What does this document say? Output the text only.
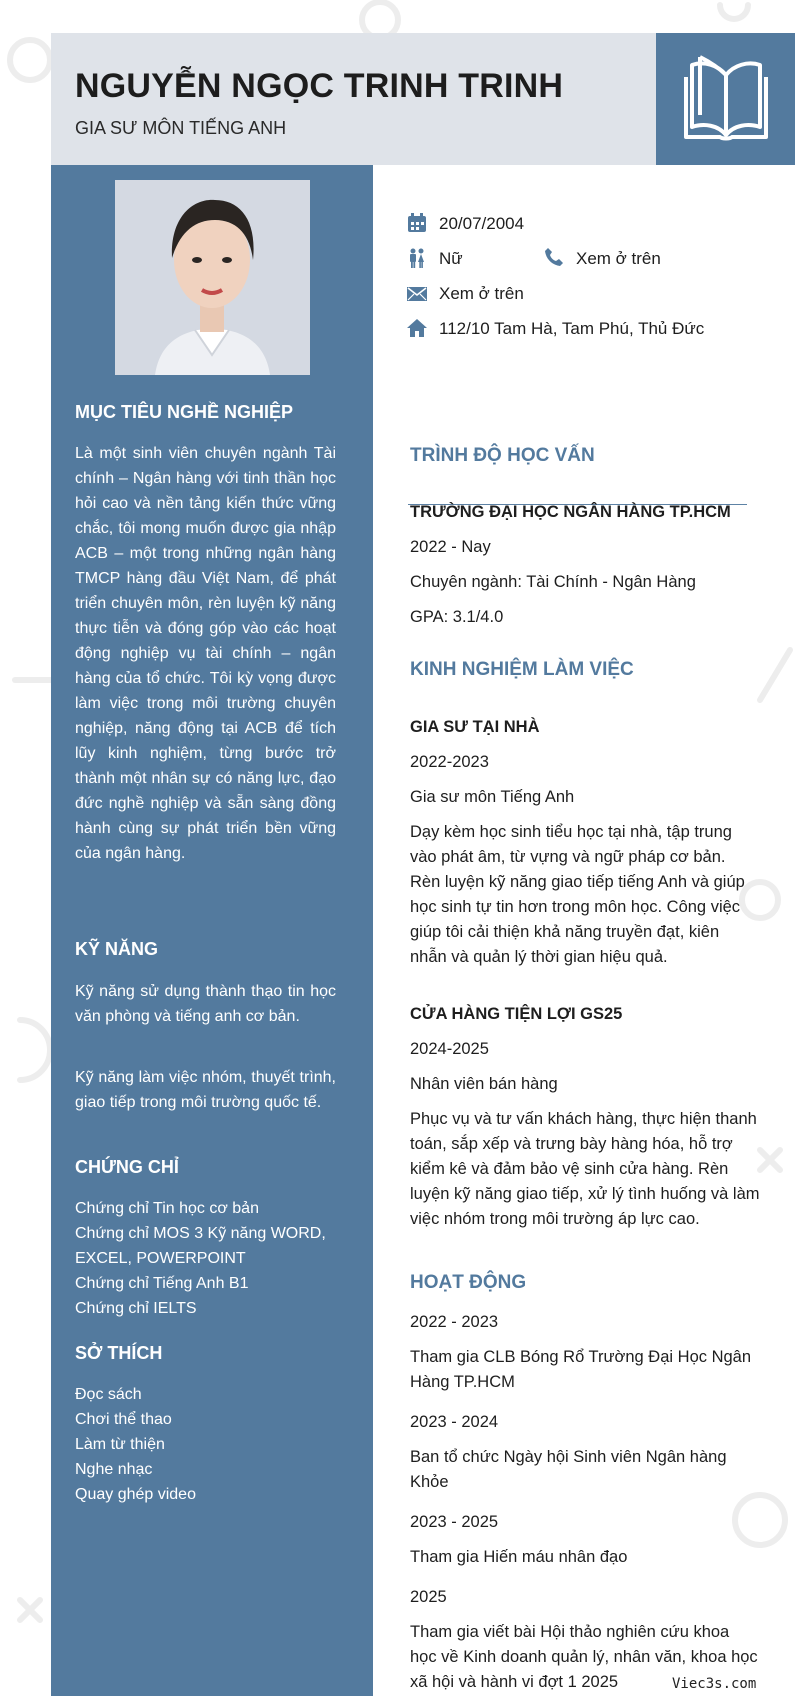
NGUYỄN NGỌC TRINH TRINH
GIA SƯ MÔN TIẾNG ANH
MỤC TIÊU NGHỀ NGHIỆP
Là một sinh viên chuyên ngành Tài chính – Ngân hàng với tinh thần học hỏi cao và nền tảng kiến thức vững chắc, tôi mong muốn được gia nhập ACB – một trong những ngân hàng TMCP hàng đầu Việt Nam, để phát triển chuyên môn, rèn luyện kỹ năng thực tiễn và đóng góp vào các hoạt động nghiệp vụ tài chính – ngân hàng của tổ chức. Tôi kỳ vọng được làm việc trong môi trường chuyên nghiệp, năng động tại ACB để tích lũy kinh nghiệm, từng bước trở thành một nhân sự có năng lực, đạo đức nghề nghiệp và sẵn sàng đồng hành cùng sự phát triển bền vững của ngân hàng.
KỸ NĂNG
Kỹ năng sử dụng thành thạo tin học văn phòng và tiếng anh cơ bản.
Kỹ năng làm việc nhóm, thuyết trình, giao tiếp trong môi trường quốc tế.
CHỨNG CHỈ
Chứng chỉ Tin học cơ bản
Chứng chỉ MOS 3 Kỹ năng WORD, EXCEL, POWERPOINT
Chứng chỉ Tiếng Anh B1
Chứng chỉ IELTS
SỞ THÍCH
Đọc sách
Chơi thể thao
Làm từ thiện
Nghe nhạc
Quay ghép video
20/07/2004
Nữ	Xem ở trên
Xem ở trên
112/10 Tam Hà, Tam Phú, Thủ Đức
TRÌNH ĐỘ HỌC VẤN
TRƯỜNG ĐẠI HỌC NGÂN HÀNG TP.HCM
2022 - Nay
Chuyên ngành: Tài Chính - Ngân Hàng
GPA: 3.1/4.0
KINH NGHIỆM LÀM VIỆC
GIA SƯ TẠI NHÀ
2022-2023
Gia sư môn Tiếng Anh
Dạy kèm học sinh tiểu học tại nhà, tập trung vào phát âm, từ vựng và ngữ pháp cơ bản. Rèn luyện kỹ năng giao tiếp tiếng Anh và giúp học sinh tự tin hơn trong môn học. Công việc giúp tôi cải thiện khả năng truyền đạt, kiên nhẫn và quản lý thời gian hiệu quả.
CỬA HÀNG TIỆN LỢI GS25
2024-2025
Nhân viên bán hàng
Phục vụ và tư vấn khách hàng, thực hiện thanh toán, sắp xếp và trưng bày hàng hóa, hỗ trợ kiểm kê và đảm bảo vệ sinh cửa hàng. Rèn luyện kỹ năng giao tiếp, xử lý tình huống và làm việc nhóm trong môi trường áp lực cao.
HOẠT ĐỘNG
2022 - 2023
Tham gia CLB Bóng Rổ Trường Đại Học Ngân Hàng TP.HCM
2023 - 2024
Ban tổ chức Ngày hội Sinh viên Ngân hàng Khỏe
2023 - 2025
Tham gia Hiến máu nhân đạo
2025
Tham gia viết bài Hội thảo nghiên cứu khoa học về Kinh doanh quản lý, nhân văn, khoa học xã hội và hành vi đợt 1 2025	Viec3s.com
